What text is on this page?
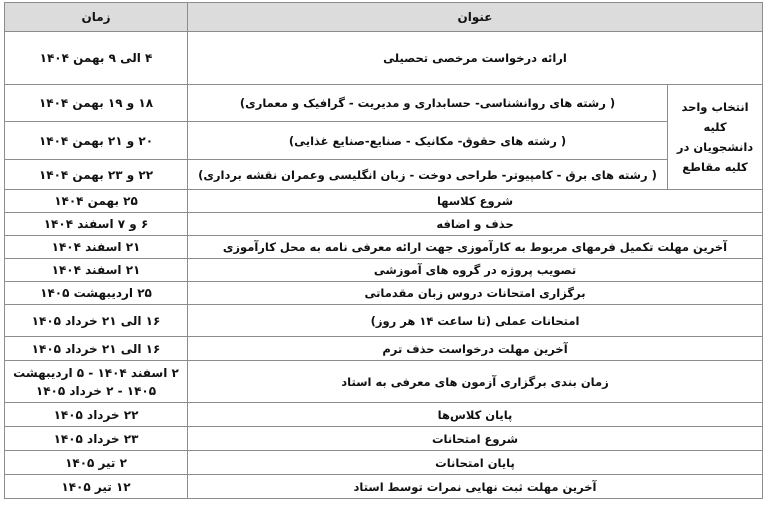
عنوان		زمان
ارائه درخواست مرخصی تحصیلی		۴ الی ۹ بهمن ۱۴۰۴

انتخاب واحد کلیه
دانشجویان در
کلیه مقاطع	( رشته های روانشناسی- حسابداری و مدیریت - گرافیک و معماری)	۱۸ و ۱۹ بهمن ۱۴۰۴
	( رشته های حقوق- مکانیک - صنایع-صنایع غذایی)	۲۰ و ۲۱ بهمن ۱۴۰۴
	( رشته های برق - کامپیوتر- طراحی دوخت - زبان انگلیسی وعمران نقشه برداری)	۲۲ و ۲۳ بهمن ۱۴۰۴
شروع کلاسها		۲۵ بهمن ۱۴۰۴
حذف و اضافه		۶ و ۷ اسفند ۱۴۰۴
آخرین مهلت تکمیل فرمهای مربوط به کارآموزی جهت ارائه معرفی نامه به محل کارآموزی		۲۱ اسفند ۱۴۰۴
تصویب پروژه در گروه های آموزشی		۲۱ اسفند ۱۴۰۴
برگزاری امتحانات دروس زبان مقدماتی		۲۵ اردیبهشت ۱۴۰۵
امتحانات عملی (تا ساعت ۱۴ هر روز)		۱۶ الی ۲۱ خرداد ۱۴۰۵
آخرین مهلت درخواست حذف ترم		۱۶ الی ۲۱ خرداد ۱۴۰۵
زمان بندی برگزاری آزمون های معرفی به استاد		۲ اسفند ۱۴۰۴ - ۵ اردیبهشت
۱۴۰۵ - ۲ خرداد ۱۴۰۵

پایان کلاس‌ها		۲۲ خرداد ۱۴۰۵
شروع امتحانات		۲۳ خرداد ۱۴۰۵
پایان امتحانات		۲ تیر ۱۴۰۵
آخرین مهلت ثبت نهایی نمرات توسط استاد		۱۲ تیر ۱۴۰۵
